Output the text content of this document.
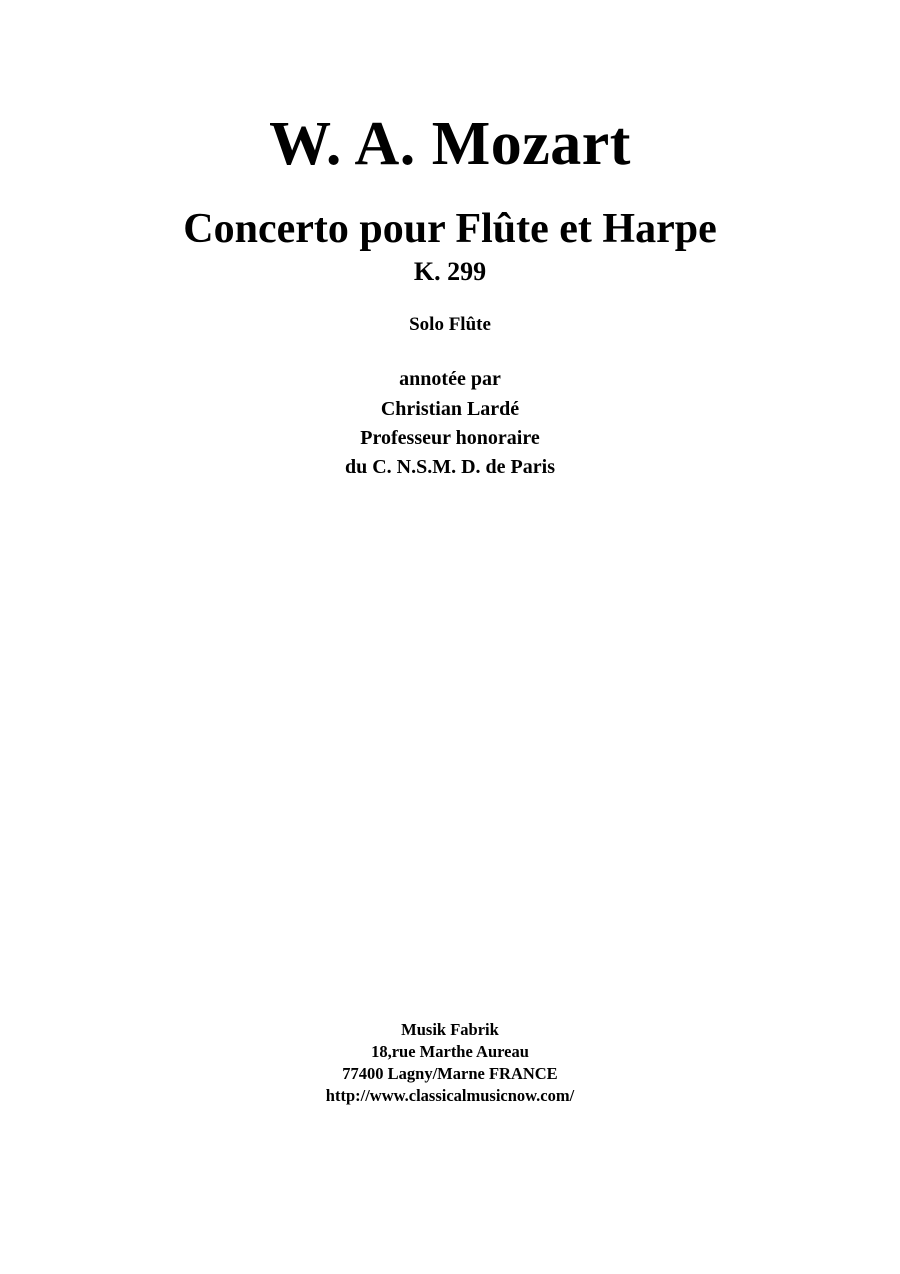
W. A. Mozart
Concerto pour Flûte et Harpe
K. 299
Solo Flûte
annotée par
Christian Lardé
Professeur honoraire
du C. N.S.M. D. de Paris
Musik Fabrik
18,rue Marthe Aureau
77400 Lagny/Marne FRANCE
http://www.classicalmusicnow.com/
